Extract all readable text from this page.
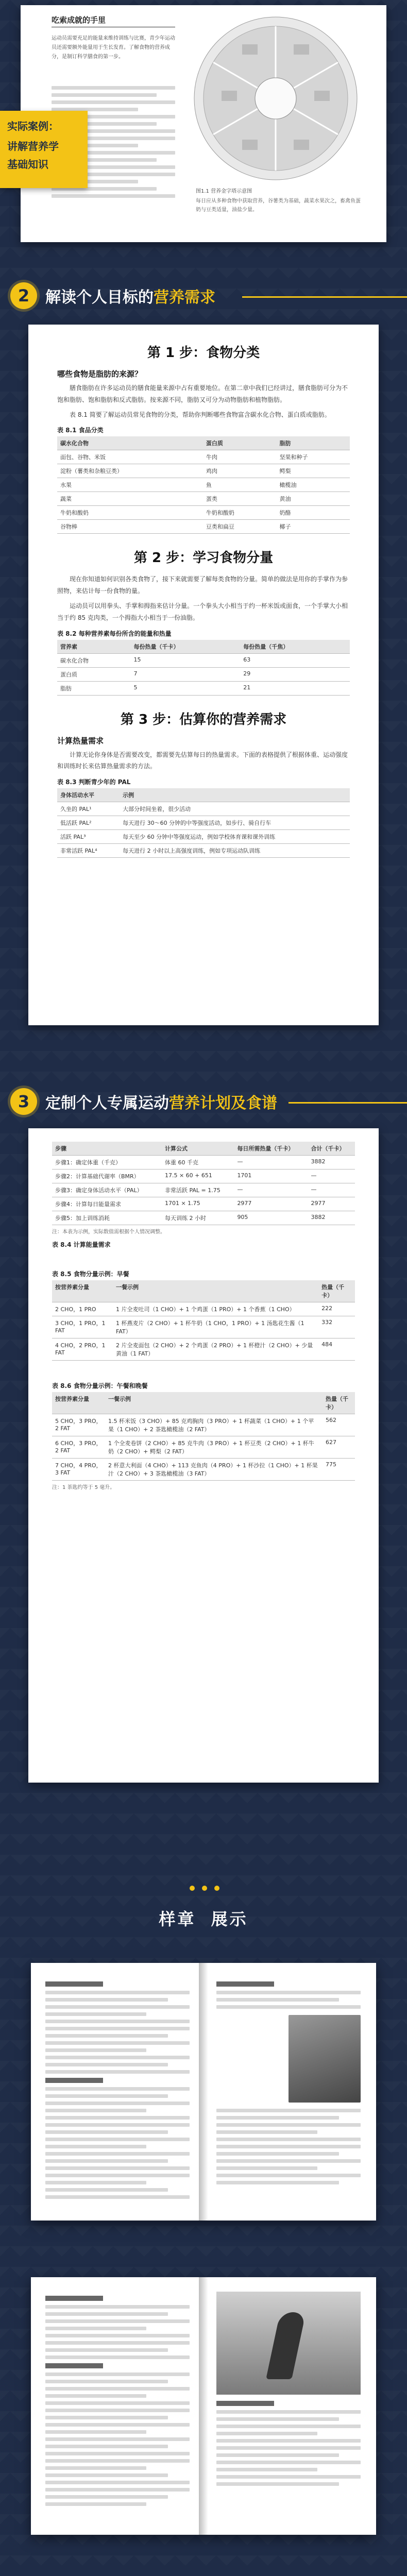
吃索成就的手里
运动员需要充足的能量来维持训练与比赛，青少年运动员还需要额外能量用于生长发育。了解食物的营养成分，是制订科学膳食的第一步。
图1.1 营养金字塔示意图
每日应从多种食物中获取营养，谷薯类为基础，蔬菜水果次之，畜禽鱼蛋奶与豆类适量，油盐少量。
实际案例：
讲解营养学
基础知识
2	解读个人目标的营养需求
第 1 步：食物分类
哪些食物是脂肪的来源？

膳食脂肪在许多运动员的膳食能量来源中占有重要地位。在第二章中我们已经讲过，膳食脂肪可分为不饱和脂肪、饱和脂肪和反式脂肪。按来源不同，脂肪又可分为动物脂肪和植物脂肪。

表 8.1 简要了解运动员常见食物的分类，帮助你判断哪些食物富含碳水化合物、蛋白质或脂肪。

表 8.1 食品分类
碳水化合物	蛋白质	脂肪
面包、谷物、米饭	牛肉	坚果和种子
淀粉（薯类和杂粮豆类）	鸡肉	鳄梨
水果	鱼	橄榄油
蔬菜	蛋类	黄油
牛奶和酸奶	牛奶和酸奶	奶酪
谷物棒	豆类和扁豆	椰子
第 2 步：学习食物分量

现在你知道如何识别各类食物了，接下来就需要了解每类食物的分量。简单的做法是用你的手掌作为参照物，来估计每一份食物的量。

运动员可以用拳头、手掌和拇指来估计分量。一个拳头大小相当于约一杯米饭或面食，一个手掌大小相当于约 85 克肉类，一个拇指大小相当于一份油脂。

表 8.2 每种营养素每份所含的能量和热量
营养素	每份热量（千卡）	每份热量（千焦）
碳水化合物	15	63
蛋白质	7	29
脂肪	5	21
第 3 步：估算你的营养需求
计算热量需求

计算无论你身体是否需要改变，都需要先估算每日的热量需求。下面的表格提供了根据体重、运动强度和训练时长来估算热量需求的方法。

表 8.3 判断青少年的 PAL
身体活动水平	示例
久坐的 PAL¹	大部分时间坐着，很少活动
低活跃 PAL²	每天进行 30～60 分钟的中等强度活动，如步行、骑自行车
活跃 PAL³	每天至少 60 分钟中等强度运动，例如学校体育课和课外训练
非常活跃 PAL⁴	每天进行 2 小时以上高强度训练，例如专项运动队训练
3	定制个人专属运动营养计划及食谱
步骤	计算公式	每日所需热量（千卡）	合计（千卡）
步骤1：确定体重（千克）	体重 60 千克	—	3882
步骤2：计算基础代谢率（BMR）	17.5 × 60 + 651	1701	—
步骤3：确定身体活动水平（PAL）	非常活跃 PAL = 1.75	—	—
步骤4：计算每日能量需求	1701 × 1.75	2977	2977
步骤5：加上训练消耗	每天训练 2 小时	905	3882
注：本表为示例，实际数值需根据个人情况调整。
表 8.4 计算能量需求
表 8.5 食物分量示例：早餐
按营养素分量	一餐示例	热量（千卡）
2 CHO，1 PRO	1 片全麦吐司（1 CHO）+ 1 个鸡蛋（1 PRO）+ 1 个香蕉（1 CHO）	222
3 CHO，1 PRO，1 FAT	1 杯燕麦片（2 CHO）+ 1 杯牛奶（1 CHO，1 PRO）+ 1 汤匙花生酱（1 FAT）	332
4 CHO，2 PRO，1 FAT	2 片全麦面包（2 CHO）+ 2 个鸡蛋（2 PRO）+ 1 杯橙汁（2 CHO）+ 少量黄油（1 FAT）	484
表 8.6 食物分量示例：午餐和晚餐
按营养素分量	一餐示例	热量（千卡）
5 CHO，3 PRO，2 FAT	1.5 杯米饭（3 CHO）+ 85 克鸡胸肉（3 PRO）+ 1 杯蔬菜（1 CHO）+ 1 个苹果（1 CHO）+ 2 茶匙橄榄油（2 FAT）	562
6 CHO，3 PRO，2 FAT	1 个全麦卷饼（2 CHO）+ 85 克牛肉（3 PRO）+ 1 杯豆类（2 CHO）+ 1 杯牛奶（2 CHO）+ 鳄梨（2 FAT）	627
7 CHO，4 PRO，3 FAT	2 杯意大利面（4 CHO）+ 113 克鱼肉（4 PRO）+ 1 杯沙拉（1 CHO）+ 1 杯果汁（2 CHO）+ 3 茶匙橄榄油（3 FAT）	775
注：1 茶匙约等于 5 毫升。
样章 展示
